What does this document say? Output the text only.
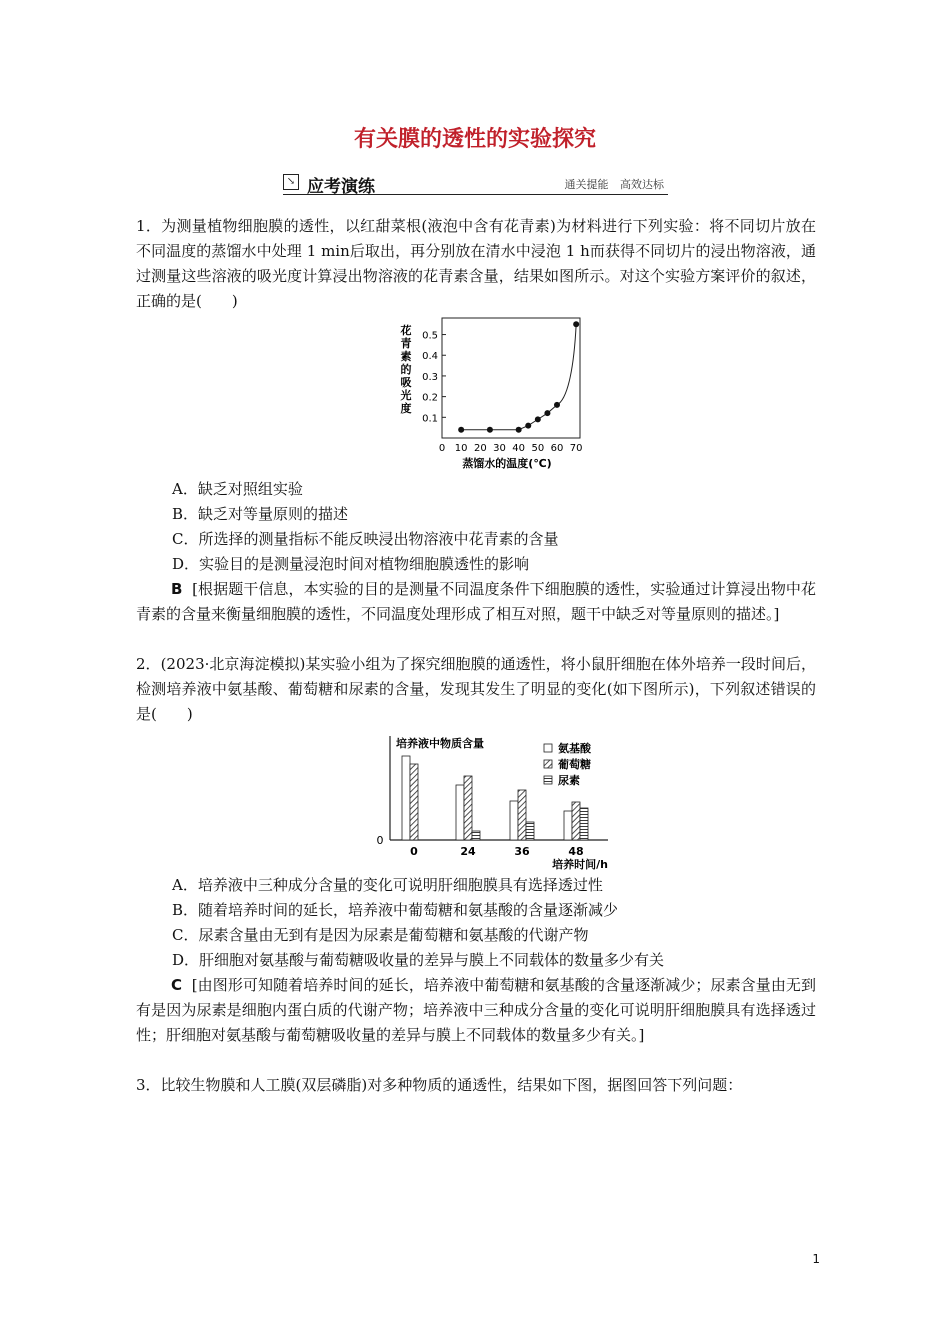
有关膜的透性的实验探究
↘ 应考演练	通关提能 高效达标
1．为测量植物细胞膜的透性，以红甜菜根(液泡中含有花青素)为材料进行下列实验：将不同切片放在不同温度的蒸馏水中处理 1 min后取出，再分别放在清水中浸泡 1 h而获得不同切片的浸出物溶液，通过测量这些溶液的吸光度计算浸出物溶液的花青素含量，结果如图所示。对这个实验方案评价的叙述，正确的是(　　)
0.1
0.2
0.3
0.4
0.5
0 10 20 30 40 50 60 70
花
青
素
的
吸
光
度
蒸馏水的温度(℃)
A．缺乏对照组实验
B．缺乏对等量原则的描述
C．所选择的测量指标不能反映浸出物溶液中花青素的含量
D．实验目的是测量浸泡时间对植物细胞膜透性的影响
B [根据题干信息，本实验的目的是测量不同温度条件下细胞膜的透性，实验通过计算浸出物中花青素的含量来衡量细胞膜的透性，不同温度处理形成了相互对照，题干中缺乏对等量原则的描述。]
2．(2023·北京海淀模拟)某实验小组为了探究细胞膜的通透性，将小鼠肝细胞在体外培养一段时间后，检测培养液中氨基酸、葡萄糖和尿素的含量，发现其发生了明显的变化(如下图所示)，下列叙述错误的是(　　)
培养液中物质含量
0
0	24	36	48
培养时间/h
氨基酸
葡萄糖
尿素
A．培养液中三种成分含量的变化可说明肝细胞膜具有选择透过性
B．随着培养时间的延长，培养液中葡萄糖和氨基酸的含量逐渐减少
C．尿素含量由无到有是因为尿素是葡萄糖和氨基酸的代谢产物
D．肝细胞对氨基酸与葡萄糖吸收量的差异与膜上不同载体的数量多少有关
C [由图形可知随着培养时间的延长，培养液中葡萄糖和氨基酸的含量逐渐减少；尿素含量由无到有是因为尿素是细胞内蛋白质的代谢产物；培养液中三种成分含量的变化可说明肝细胞膜具有选择透过性；肝细胞对氨基酸与葡萄糖吸收量的差异与膜上不同载体的数量多少有关。]
3．比较生物膜和人工膜(双层磷脂)对多种物质的通透性，结果如下图，据图回答下列问题：
1
